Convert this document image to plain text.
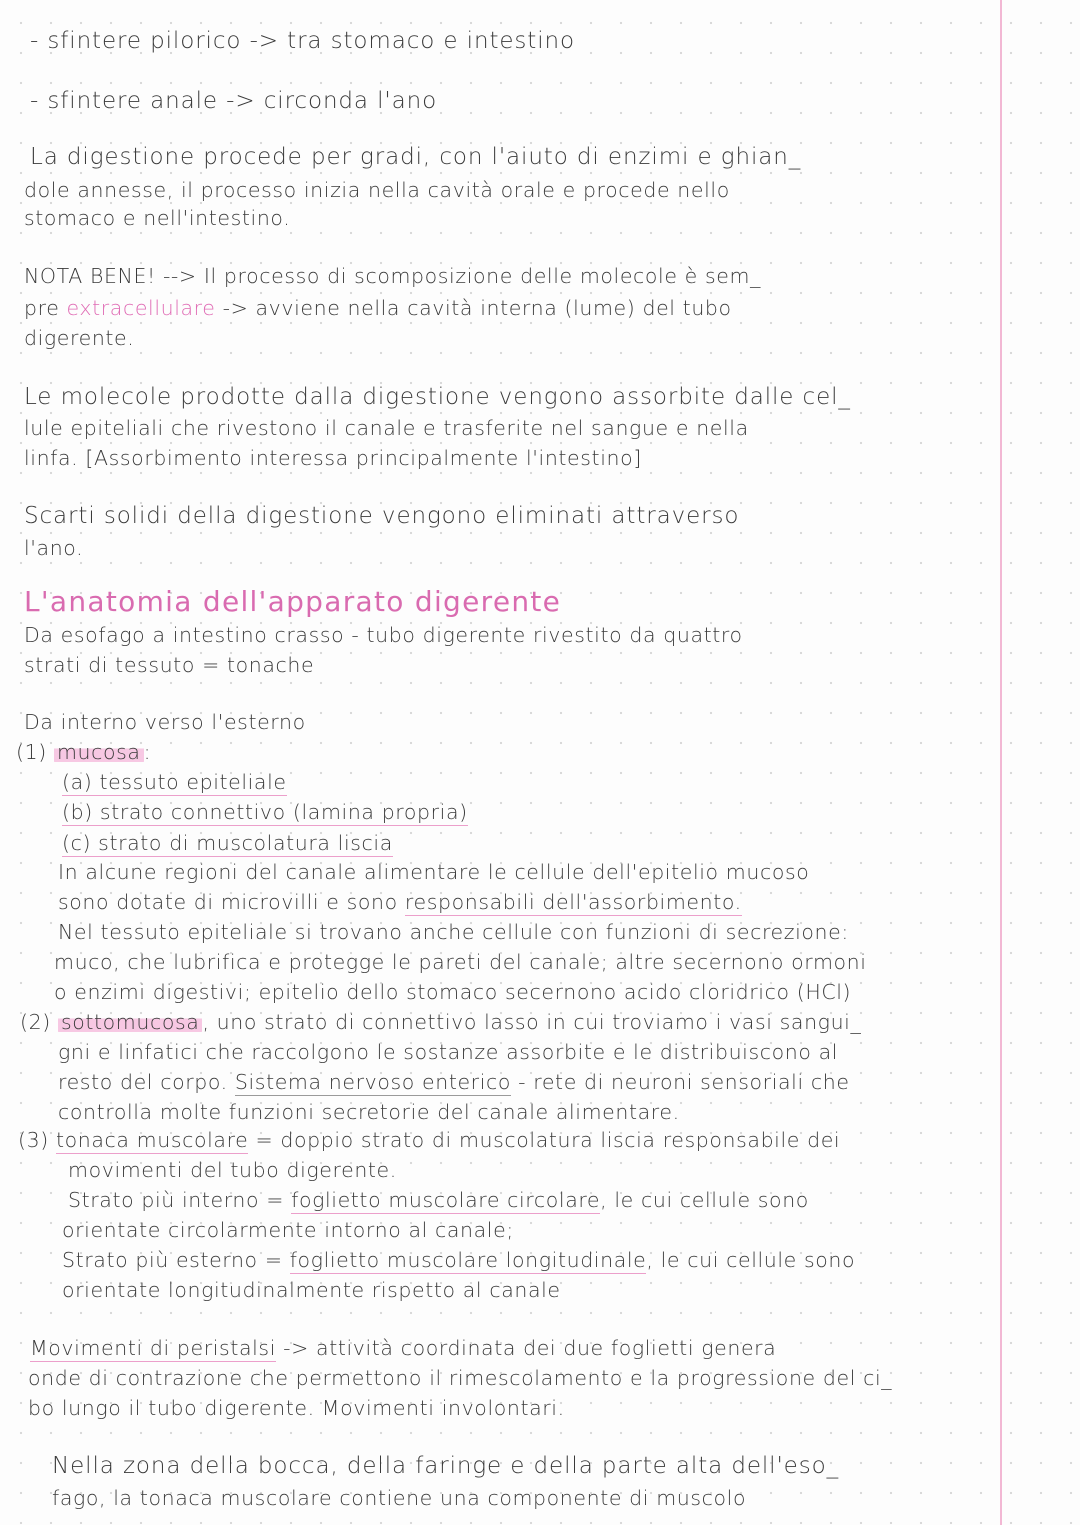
- sfintere pilorico -> tra stomaco e intestino
- sfintere anale -> circonda l'ano
La digestione procede per gradi, con l'aiuto di enzimi e ghian_
dole annesse, il processo inizia nella cavità orale e procede nello
stomaco e nell'intestino.
NOTA BENE! --> Il processo di scomposizione delle molecole è sem_
pre extracellulare -> avviene nella cavità interna (lume) del tubo
digerente.
Le molecole prodotte dalla digestione vengono assorbite dalle cel_
lule epiteliali che rivestono il canale e trasferite nel sangue e nella
linfa. [Assorbimento interessa principalmente l'intestino]
Scarti solidi della digestione vengono eliminati attraverso
l'ano.
L'anatomia dell'apparato digerente
Da esofago a intestino crasso - tubo digerente rivestito da quattro
strati di tessuto = tonache
Da interno verso l'esterno
(1) mucosa :
(a) tessuto epiteliale
(b) strato connettivo (lamina propria)
(c) strato di muscolatura liscia
In alcune regioni del canale alimentare le cellule dell'epitelio mucoso
sono dotate di microvilli e sono responsabili dell'assorbimento.
Nel tessuto epiteliale si trovano anche cellule con funzioni di secrezione:
muco, che lubrifica e protegge le pareti del canale; altre secernono ormoni
o enzimi digestivi; epitelio dello stomaco secernono acido cloridrico (HCl)
(2) sottomucosa , uno strato di connettivo lasso in cui troviamo i vasi sangui_
gni e linfatici che raccolgono le sostanze assorbite e le distribuiscono al
resto del corpo. Sistema nervoso enterico - rete di neuroni sensoriali che
controlla molte funzioni secretorie del canale alimentare.
(3) tonaca muscolare = doppio strato di muscolatura liscia responsabile dei
movimenti del tubo digerente.
Strato più interno = foglietto muscolare circolare, le cui cellule sono
orientate circolarmente intorno al canale;
Strato più esterno = foglietto muscolare longitudinale, le cui cellule sono
orientate longitudinalmente rispetto al canale
Movimenti di peristalsi -> attività coordinata dei due foglietti genera
onde di contrazione che permettono il rimescolamento e la progressione del ci_
bo lungo il tubo digerente. Movimenti involontari.
Nella zona della bocca, della faringe e della parte alta dell'eso_
fago, la tonaca muscolare contiene una componente di muscolo
